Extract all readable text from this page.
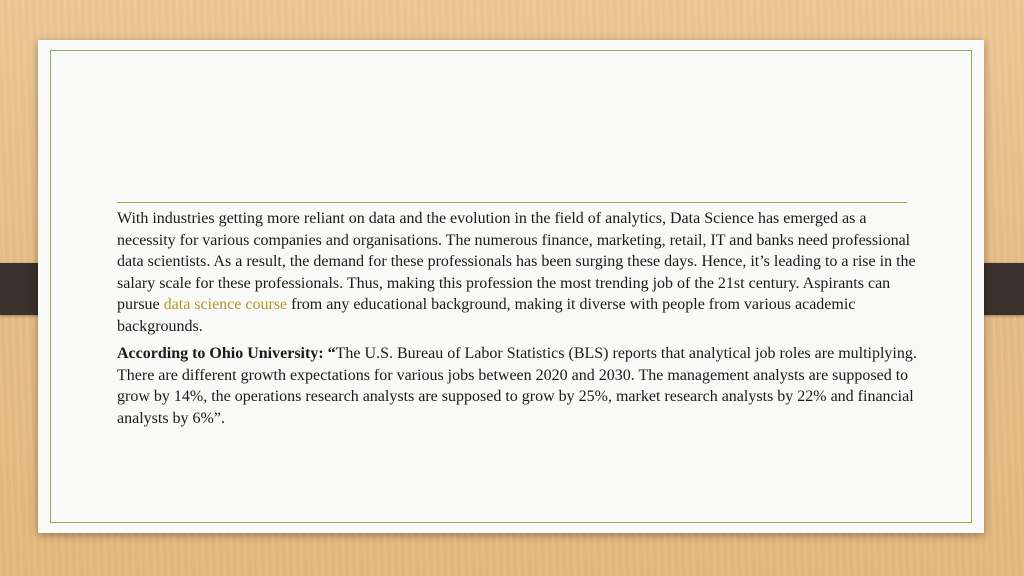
With industries getting more reliant on data and the evolution in the field of analytics, Data Science has emerged as a necessity for various companies and organisations. The numerous finance, marketing, retail, IT and banks need professional data scientists. As a result, the demand for these professionals has been surging these days. Hence, it’s leading to a rise in the salary scale for these professionals. Thus, making this profession the most trending job of the 21st century. Aspirants can pursue data science course from any educational background, making it diverse with people from various academic backgrounds.

According to Ohio University: “The U.S. Bureau of Labor Statistics (BLS) reports that analytical job roles are multiplying. There are different growth expectations for various jobs between 2020 and 2030. The management analysts are supposed to grow by 14%, the operations research analysts are supposed to grow by 25%, market research analysts by 22% and financial analysts by 6%”.
